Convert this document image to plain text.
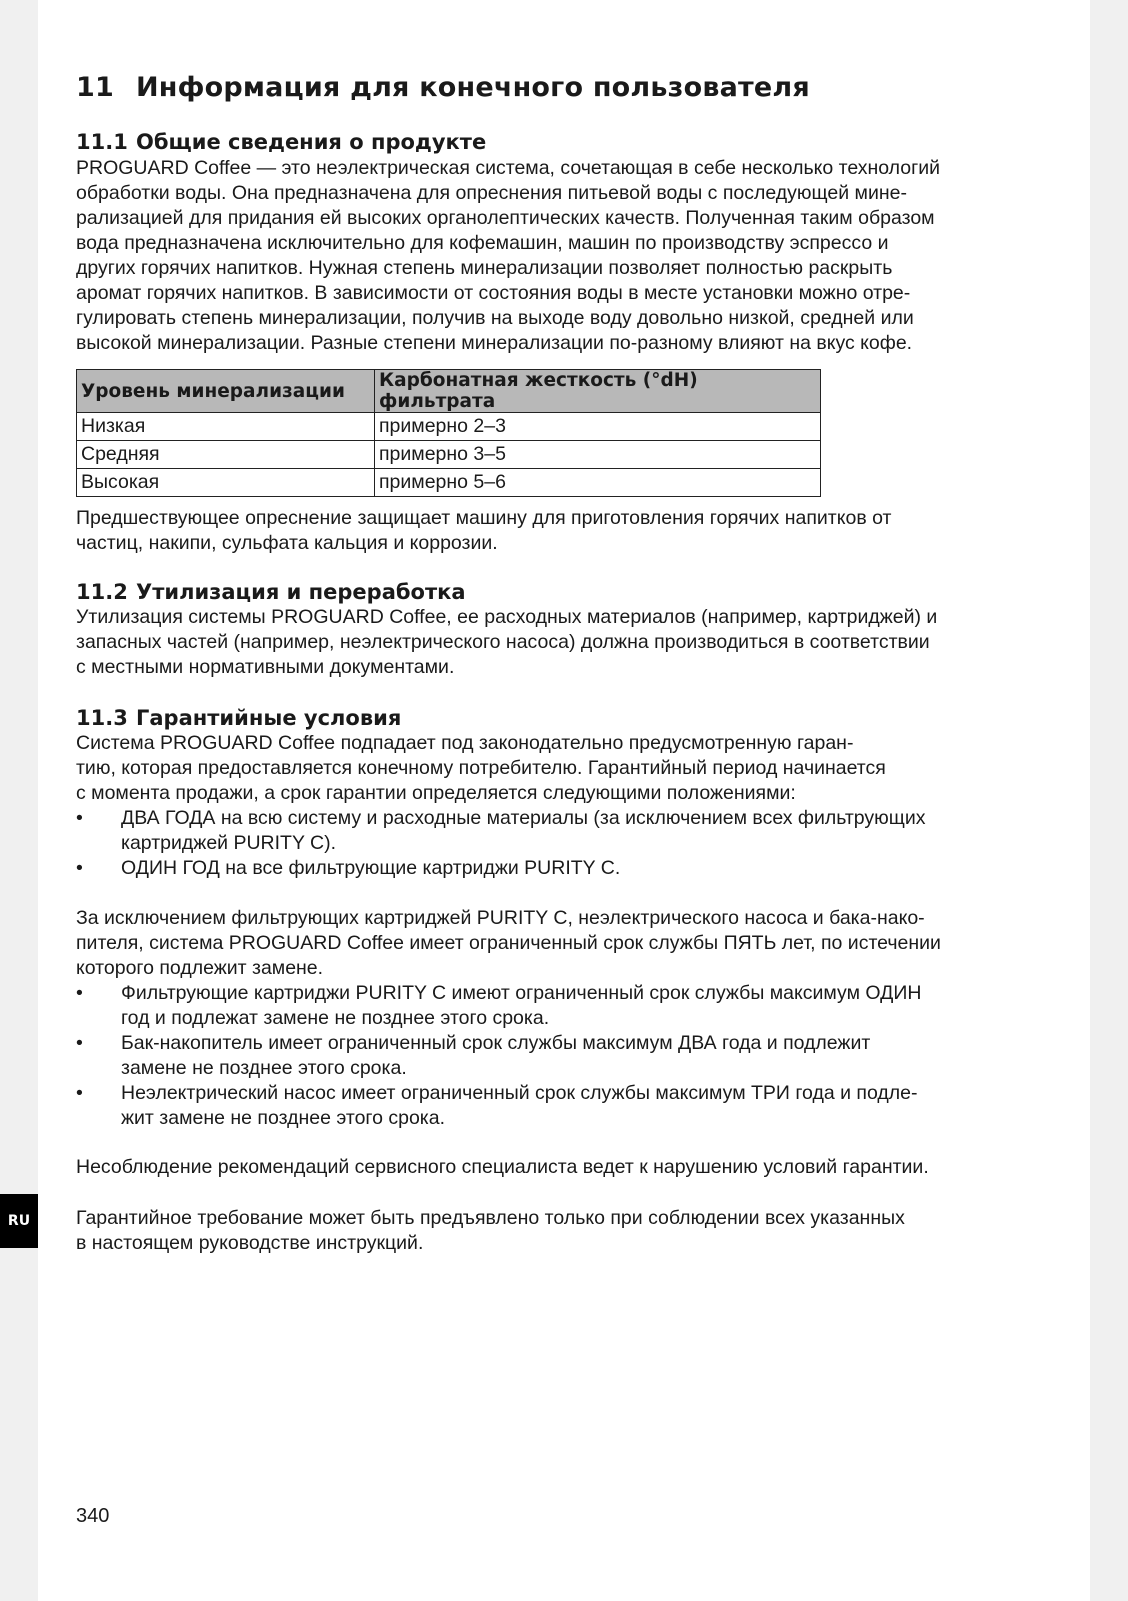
11 Информация для конечного пользователя
11.1 Общие сведения о продукте

PROGUARD Coffee — это неэлектрическая система, сочетающая в себе несколько технологий
обработки воды. Она предназначена для опреснения питьевой воды с последующей мине-
рализацией для придания ей высоких органолептических качеств. Полученная таким образом
вода предназначена исключительно для кофемашин, машин по производству эспрессо и
других горячих напитков. Нужная степень минерализации позволяет полностью раскрыть
аромат горячих напитков. В зависимости от состояния воды в месте установки можно отре-
гулировать степень минерализации, получив на выходе воду довольно низкой, средней или
высокой минерализации. Разные степени минерализации по-разному влияют на вкус кофе.

Уровень минерализации	Карбонатная жесткость (°dH) фильтрата
Низкая	примерно 2–3
Средняя	примерно 3–5
Высокая	примерно 5–6

Предшествующее опреснение защищает машину для приготовления горячих напитков от
частиц, накипи, сульфата кальция и коррозии.

11.2 Утилизация и переработка

Утилизация системы PROGUARD Coffee, ее расходных материалов (например, картриджей) и
запасных частей (например, неэлектрического насоса) должна производиться в соответствии
с местными нормативными документами.

11.3 Гарантийные условия

Система PROGUARD Coffee подпадает под законодательно предусмотренную гаран-
тию, которая предоставляется конечному потребителю. Гарантийный период начинается
с момента продажи, а срок гарантии определяется следующими положениями:

• ДВА ГОДА на всю систему и расходные материалы (за исключением всех фильтрующих
картриджей PURITY C).
• ОДИН ГОД на все фильтрующие картриджи PURITY C.

За исключением фильтрующих картриджей PURITY C, неэлектрического насоса и бака-нако-
пителя, система PROGUARD Coffee имеет ограниченный срок службы ПЯТЬ лет, по истечении
которого подлежит замене.

• Фильтрующие картриджи PURITY C имеют ограниченный срок службы максимум ОДИН
год и подлежат замене не позднее этого срока.
• Бак-накопитель имеет ограниченный срок службы максимум ДВА года и подлежит
замене не позднее этого срока.
• Неэлектрический насос имеет ограниченный срок службы максимум ТРИ года и подле-
жит замене не позднее этого срока.

Несоблюдение рекомендаций сервисного специалиста ведет к нарушению условий гарантии.

Гарантийное требование может быть предъявлено только при соблюдении всех указанных
в настоящем руководстве инструкций.

RU
340
